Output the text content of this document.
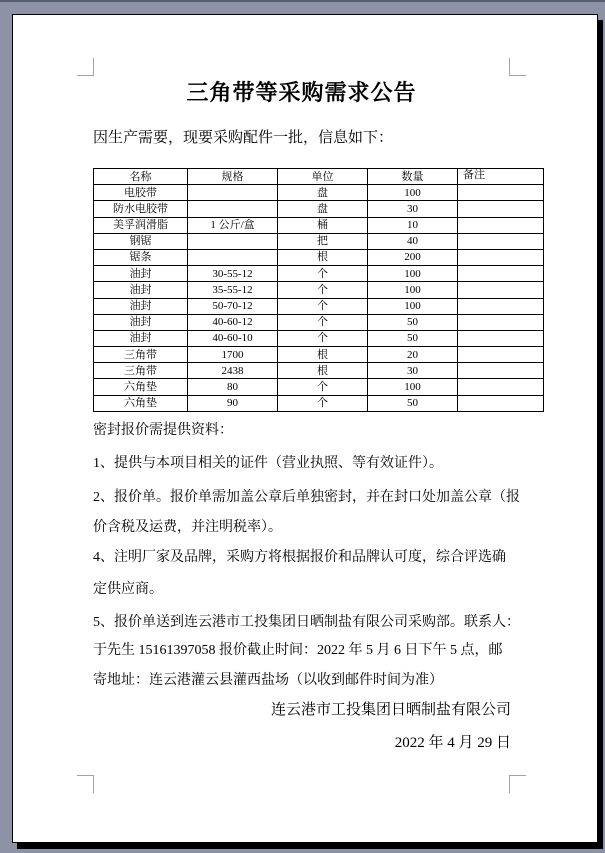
三角带等采购需求公告
因生产需要，现要采购配件一批，信息如下：
名称	规格	单位	数量	备注
电胶带		盘	100	
防水电胶带		盘	30	
美孚润滑脂	1 公斤/盒	桶	10	
钢锯		把	40	
锯条		根	200	
油封	30-55-12	个	100	
油封	35-55-12	个	100	
油封	50-70-12	个	100	
油封	40-60-12	个	50	
油封	40-60-10	个	50	
三角带	1700	根	20	
三角带	2438	根	30	
六角垫	80	个	100	
六角垫	90	个	50	
密封报价需提供资料：
1、提供与本项目相关的证件（营业执照、等有效证件）。
2、报价单。报价单需加盖公章后单独密封，并在封口处加盖公章（报
价含税及运费，并注明税率）。
4、注明厂家及品牌，采购方将根据报价和品牌认可度，综合评选确
定供应商。
5、报价单送到连云港市工投集团日晒制盐有限公司采购部。联系人：
于先生 15161397058 报价截止时间：2022 年 5 月 6 日下午 5 点，邮
寄地址：连云港灌云县灌西盐场（以收到邮件时间为准）
连云港市工投集团日晒制盐有限公司
2022 年 4 月 29 日
